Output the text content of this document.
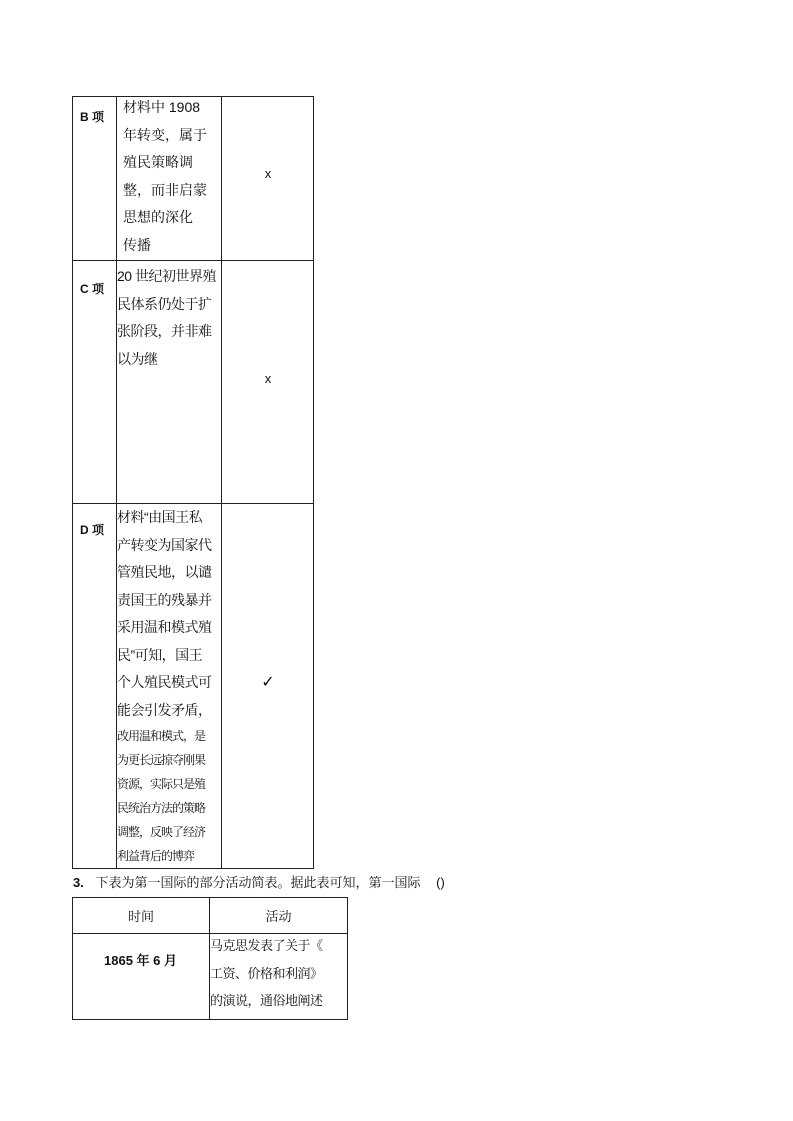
B 项
材料中 1908
年转变，属于
殖民策略调
整，而非启蒙
思想的深化
传播
x
C 项
20 世纪初世界殖
民体系仍处于扩
张阶段，并非难
以为继
x
D 项
材料“由国王私
产转变为国家代
管殖民地，以谴
责国王的残暴并
采用温和模式殖
民”可知，国王
个人殖民模式可
能会引发矛盾，
改用温和模式，是
为更长远掠夺刚果
资源，实际只是殖
民统治方法的策略
调整，反映了经济
利益背后的博弈
✓
3. 下表为第一国际的部分活动简表。据此表可知，第一国际 ()
时间	活动
1865 年 6 月
马克思发表了关于《
工资、价格和利润》
的演说，通俗地阐述
